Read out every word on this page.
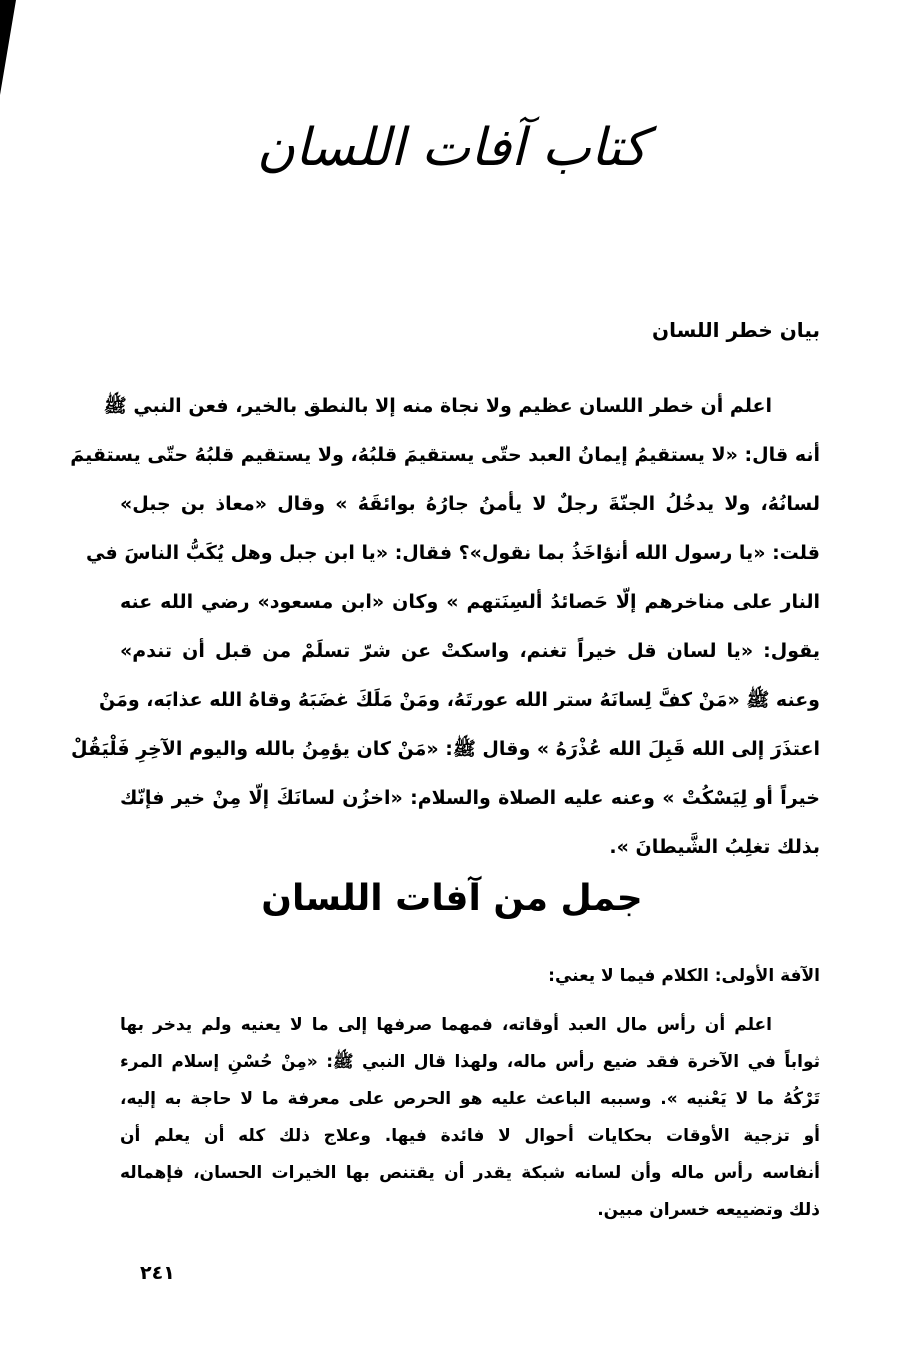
كتاب آفات اللسان
بيان خطر اللسان
اعلم أن خطر اللسان عظيم ولا نجاة منه إلا بالنطق بالخير، فعن النبي ﷺ
أنه قال: «لا يستقيمُ إيمانُ العبد حتّى يستقيمَ قلبُهُ، ولا يستقيم قلبُهُ حتّى يستقيمَ
لسانُهُ، ولا يدخُلُ الجنّةَ رجلٌ لا يأمنُ جارُهُ بوائقَهُ » وقال «معاذ بن جبل»
قلت: «يا رسول الله أنؤاخَذُ بما نقول»؟ فقال: «يا ابن جبل وهل يُكَبُّ الناسَ في
النار على مناخرهم إلّا حَصائدُ ألسِنَتهم » وكان «ابن مسعود» رضي الله عنه
يقول: «يا لسان قل خيراً تغنم، واسكتْ عن شرّ تسلَمْ من قبل أن تندم»
وعنه ﷺ «مَنْ كفَّ لِسانَهُ ستر الله عورتَهُ، ومَنْ مَلَكَ غضَبَهُ وقاهُ الله عذابَه، ومَنْ
اعتذَرَ إلى الله قَبِلَ الله عُذْرَهُ » وقال ﷺ: «مَنْ كان يؤمِنُ بالله واليوم الآخِرِ فَلْيَقُلْ
خيراً أو لِيَسْكُتْ » وعنه عليه الصلاة والسلام: «اخزُن لسانَكَ إلّا مِنْ خير فإنّك
بذلك تغلِبُ الشَّيطانَ ».
جمل من آفات اللسان
الآفة الأولى: الكلام فيما لا يعني:
اعلم أن رأس مال العبد أوقاته، فمهما صرفها إلى ما لا يعنيه ولم يدخر بها
ثواباً في الآخرة فقد ضيع رأس ماله، ولهذا قال النبي ﷺ: «مِنْ حُسْنِ إسلام المرء
تَرْكُهُ ما لا يَعْنيه ». وسببه الباعث عليه هو الحرص على معرفة ما لا حاجة به إليه،
أو تزجية الأوقات بحكايات أحوال لا فائدة فيها. وعلاج ذلك كله أن يعلم أن
أنفاسه رأس ماله وأن لسانه شبكة يقدر أن يقتنص بها الخيرات الحسان، فإهماله
ذلك وتضييعه خسران مبين.
٢٤١
